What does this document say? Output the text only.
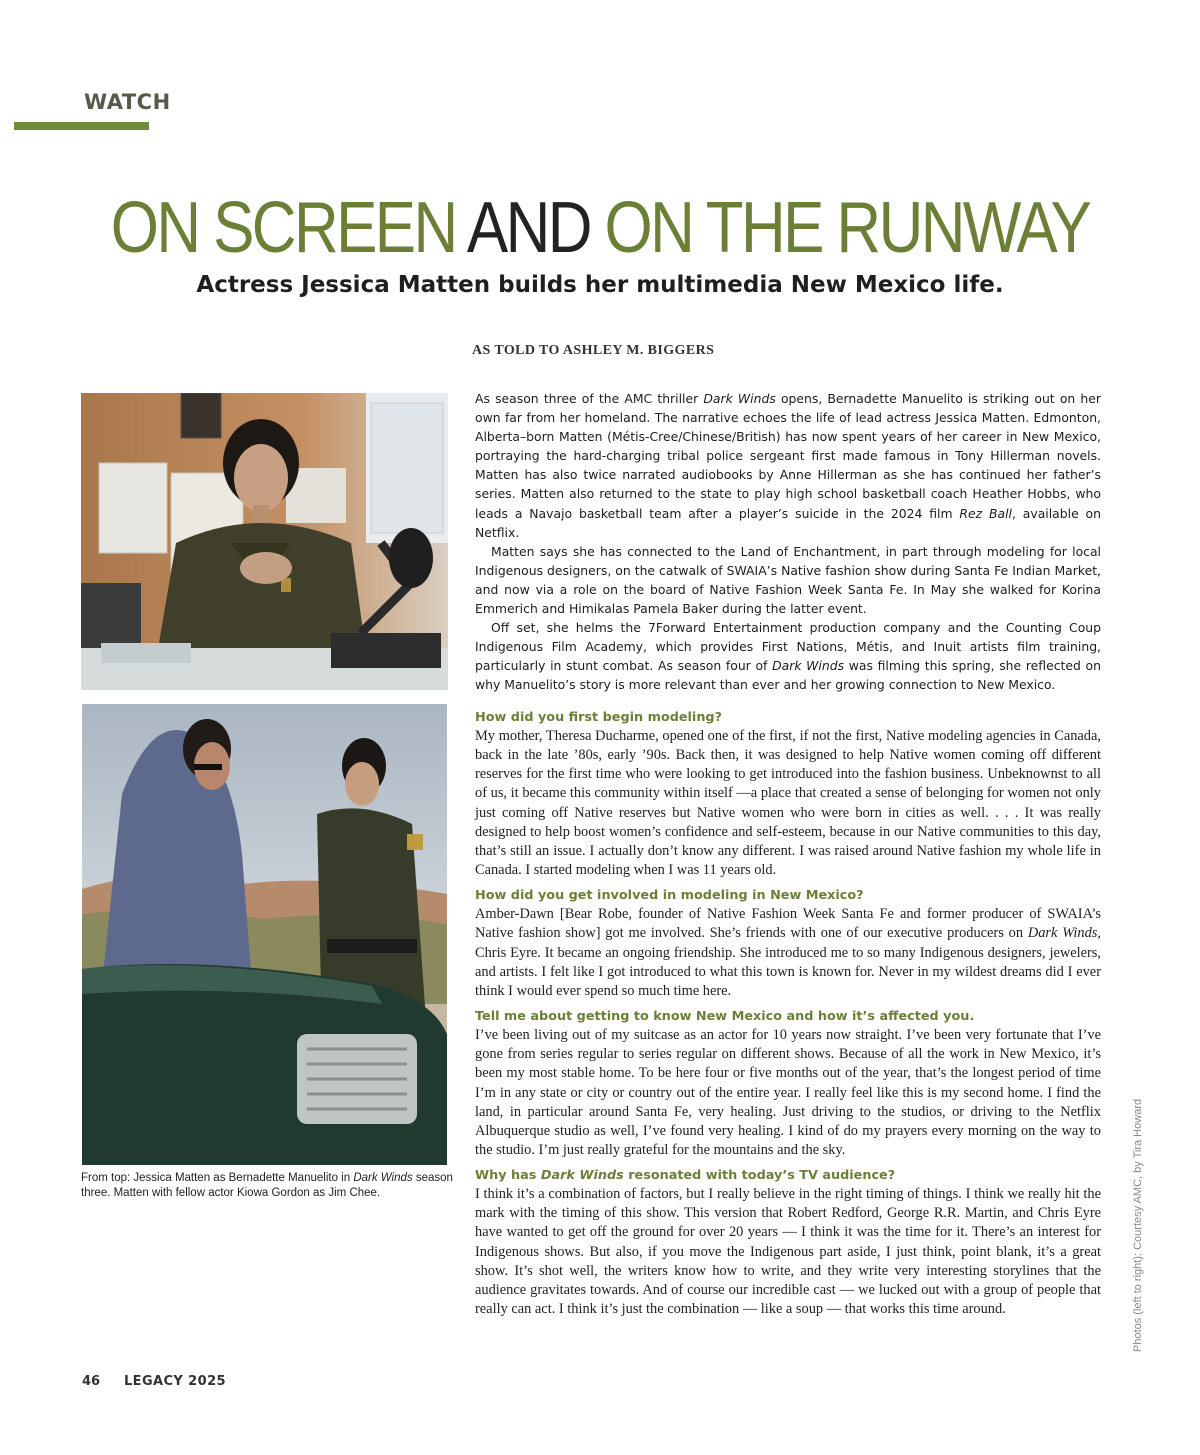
WATCH
ON SCREEN AND ON THE RUNWAY
Actress Jessica Matten builds her multimedia New Mexico life.
AS TOLD TO ASHLEY M. BIGGERS
From top: Jessica Matten as Bernadette Manuelito in Dark Winds season three. Matten with fellow actor Kiowa Gordon as Jim Chee.

As season three of the AMC thriller Dark Winds opens, Bernadette Manuelito is striking out on her own far from her homeland. The narrative echoes the life of lead actress Jessica Matten. Edmonton, Alberta–born Matten (Métis-Cree/Chinese/British) has now spent years of her career in New Mexico, portraying the hard-charging tribal police sergeant first made famous in Tony Hillerman novels. Matten has also twice narrated audiobooks by Anne Hillerman as she has continued her father’s series. Matten also returned to the state to play high school basketball coach Heather Hobbs, who leads a Navajo basketball team after a player’s suicide in the 2024 film Rez Ball, available on Netflix.

Matten says she has connected to the Land of Enchantment, in part through modeling for local Indigenous designers, on the catwalk of SWAIA’s Native fashion show during Santa Fe Indian Market, and now via a role on the board of Native Fashion Week Santa Fe. In May she walked for Korina Emmerich and Himikalas Pamela Baker during the latter event.

Off set, she helms the 7Forward Entertainment production company and the Counting Coup Indigenous Film Academy, which provides First Nations, Métis, and Inuit artists film training, particularly in stunt combat. As season four of Dark Winds was filming this spring, she reflected on why Manuelito’s story is more relevant than ever and her growing connection to New Mexico.

How did you first begin modeling?

My mother, Theresa Ducharme, opened one of the first, if not the first, Native modeling agencies in Canada, back in the late ’80s, early ’90s. Back then, it was designed to help Native women coming off different reserves for the first time who were looking to get introduced into the fashion business. Unbeknownst to all of us, it became this community within itself —a place that created a sense of belonging for women not only just coming off Native reserves but Native women who were born in cities as well. . . . It was really designed to help boost women’s confidence and self-esteem, because in our Native communities to this day, that’s still an issue. I actually don’t know any different. I was raised around Native fashion my whole life in Canada. I started modeling when I was 11 years old.

How did you get involved in modeling in New Mexico?

Amber-Dawn [Bear Robe, founder of Native Fashion Week Santa Fe and former producer of SWAIA’s Native fashion show] got me involved. She’s friends with one of our executive producers on Dark Winds, Chris Eyre. It became an ongoing friendship. She introduced me to so many Indigenous designers, jewelers, and artists. I felt like I got introduced to what this town is known for. Never in my wildest dreams did I ever think I would ever spend so much time here.

Tell me about getting to know New Mexico and how it’s affected you.

I’ve been living out of my suitcase as an actor for 10 years now straight. I’ve been very fortunate that I’ve gone from series regular to series regular on different shows. Because of all the work in New Mexico, it’s been my most stable home. To be here four or five months out of the year, that’s the longest period of time I’m in any state or city or country out of the entire year. I really feel like this is my second home. I find the land, in particular around Santa Fe, very healing. Just driving to the studios, or driving to the Netflix Albuquerque studio as well, I’ve found very healing. I kind of do my prayers every morning on the way to the studio. I’m just really grateful for the mountains and the sky.

Why has Dark Winds resonated with today’s TV audience?

I think it’s a combination of factors, but I really believe in the right timing of things. I think we really hit the mark with the timing of this show. This version that Robert Redford, George R.R. Martin, and Chris Eyre have wanted to get off the ground for over 20 years — I think it was the time for it. There’s an interest for Indigenous shows. But also, if you move the Indigenous part aside, I just think, point blank, it’s a great show. It’s shot well, the writers know how to write, and they write very interesting storylines that the audience gravitates towards. And of course our incredible cast — we lucked out with a group of people that really can act. I think it’s just the combination — like a soup — that works this time around.	Photos (left to right): Courtesy AMC, by Tira Howard
46 LEGACY 2025
